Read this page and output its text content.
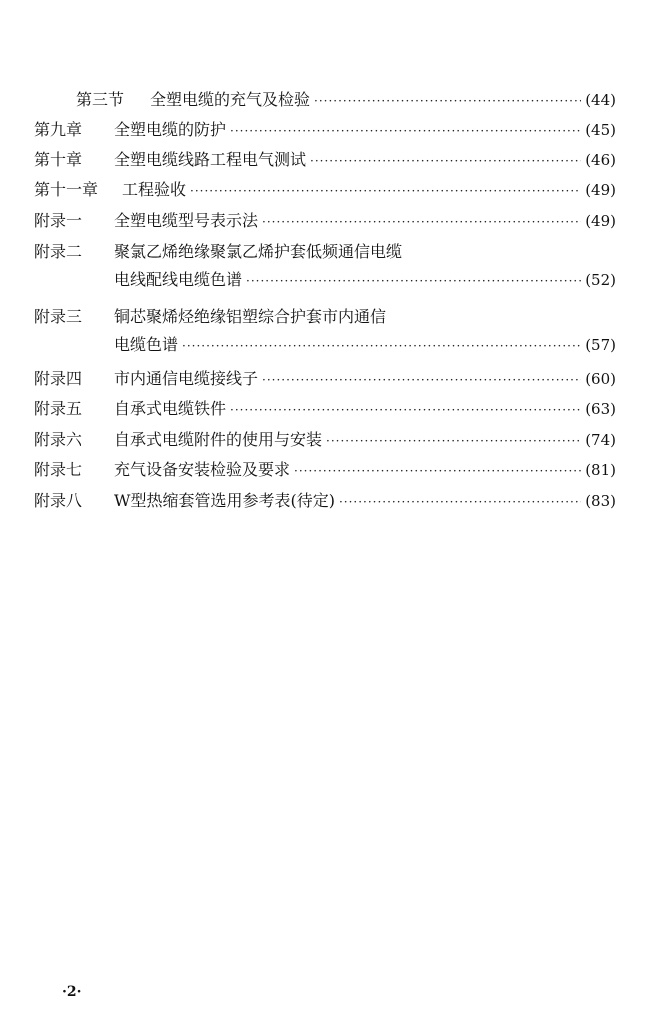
第三节	全塑电缆的充气及检验 ·····	(44)
第九章	全塑电缆的防护 ·····	(45)
第十章	全塑电缆线路工程电气测试 ·····	(46)
第十一章	工程验收 ·····	(49)
附录一	全塑电缆型号表示法 ·····	(49)
附录二	聚氯乙烯绝缘聚氯乙烯护套低频通信电缆
电线配线电缆色谱 ·····	(52)
附录三	铜芯聚烯烃绝缘铝塑综合护套市内通信
电缆色谱 ·····	(57)
附录四	市内通信电缆接线子 ·····	(60)
附录五	自承式电缆铁件 ·····	(63)
附录六	自承式电缆附件的使用与安装 ·····	(74)
附录七	充气设备安装检验及要求 ·····	(81)
附录八	W型热缩套管选用参考表(待定) ·····	(83)
·2·
